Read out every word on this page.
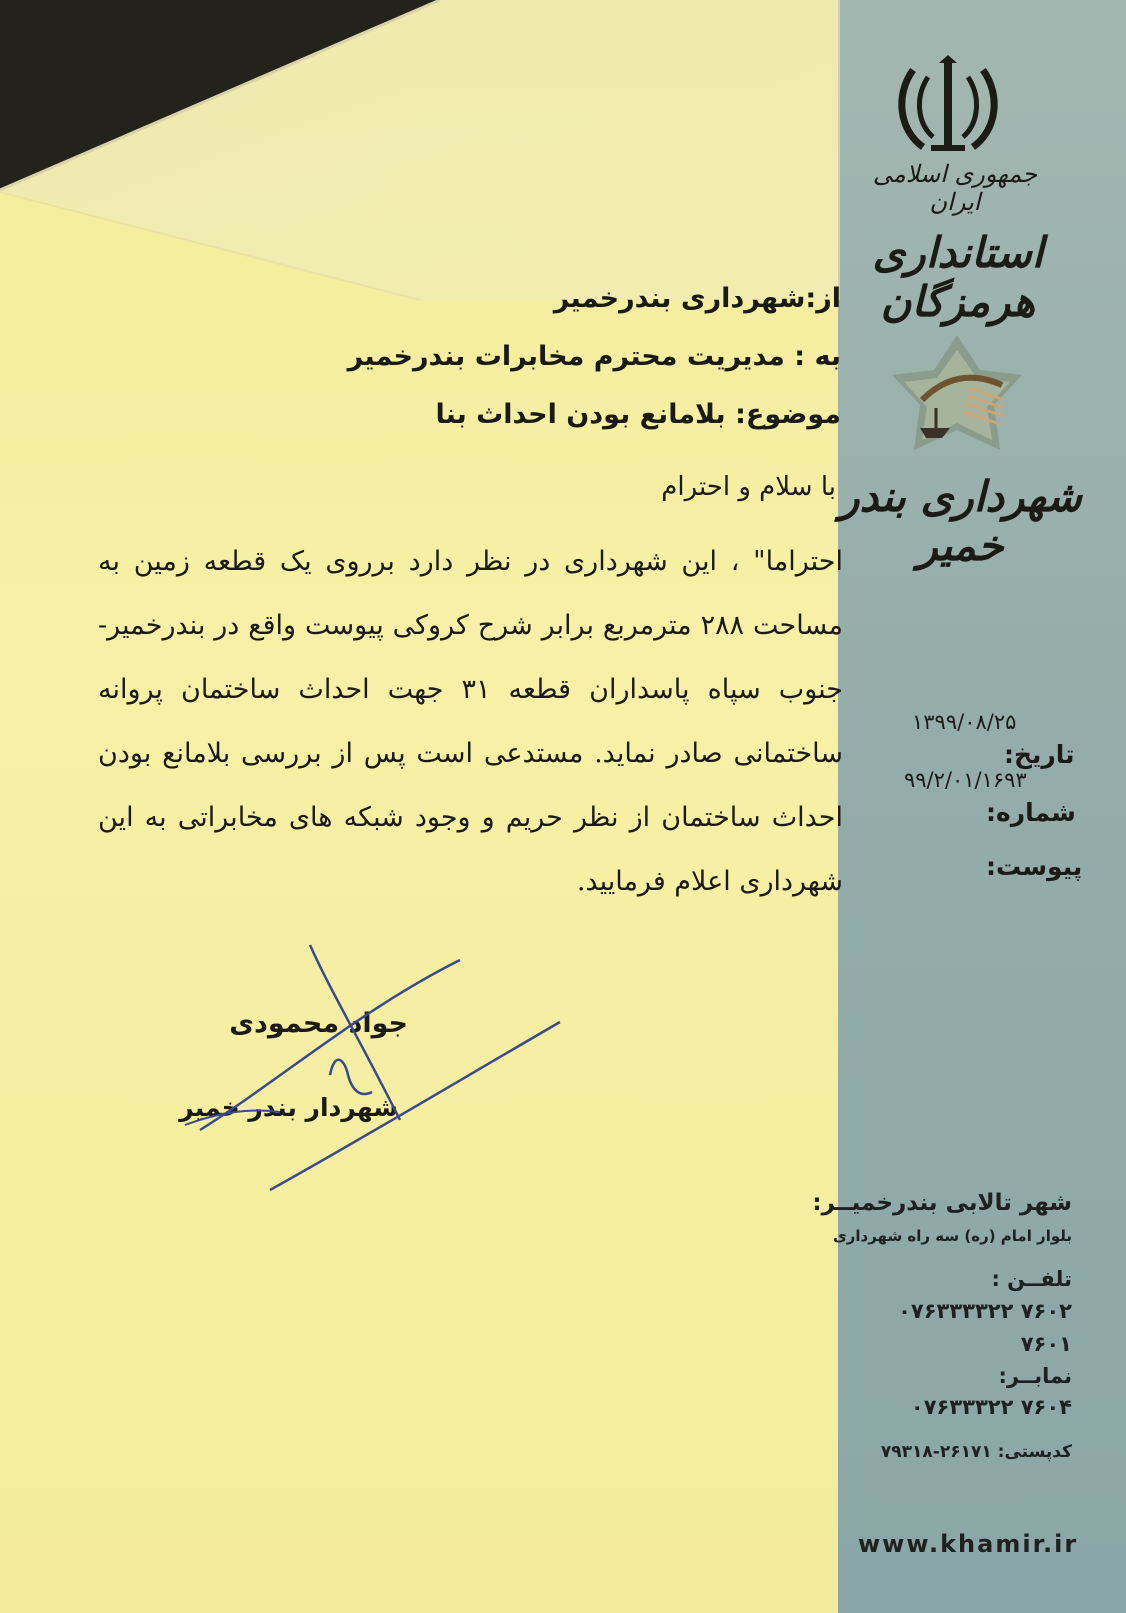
جمهوری اسلامی ایران
استانداری هرمزگان
شهرداری بندر خمیر
۱۳۹۹/۰۸/۲۵
تاریخ:
۹۹/۲/۰۱/۱۶۹۳
شماره:
پیوست:
از:شهرداری بندرخمیر
به : مدیریت محترم مخابرات بندرخمیر
موضوع: بلامانع بودن احداث بنا
با سلام و احترام
احتراما" ، این شهرداری در نظر دارد برروی یک قطعه زمین به مساحت ۲۸۸ مترمربع برابر شرح کروکی پیوست واقع در بندرخمیر- جنوب سپاه پاسداران قطعه ۳۱ جهت احداث ساختمان پروانه ساختمانی صادر نماید. مستدعی است پس از بررسی بلامانع بودن احداث ساختمان از نظر حریم و وجود شبکه های مخابراتی به این شهرداری اعلام فرمایید.
جواد محمودی
شهردار بندر خمیر
شهر تالابی بندرخمیــر:
بلوار امام (ره) سه راه شهرداری
تلفــن :
۰۷۶۳۳۳۳۲۲ ۷۶۰۲
۷۶۰۱
نمابــر:
۰۷۶۳۳۳۲۲ ۷۶۰۴
کدپستی: ۲۶۱۷۱-۷۹۳۱۸
www.khamir.ir
